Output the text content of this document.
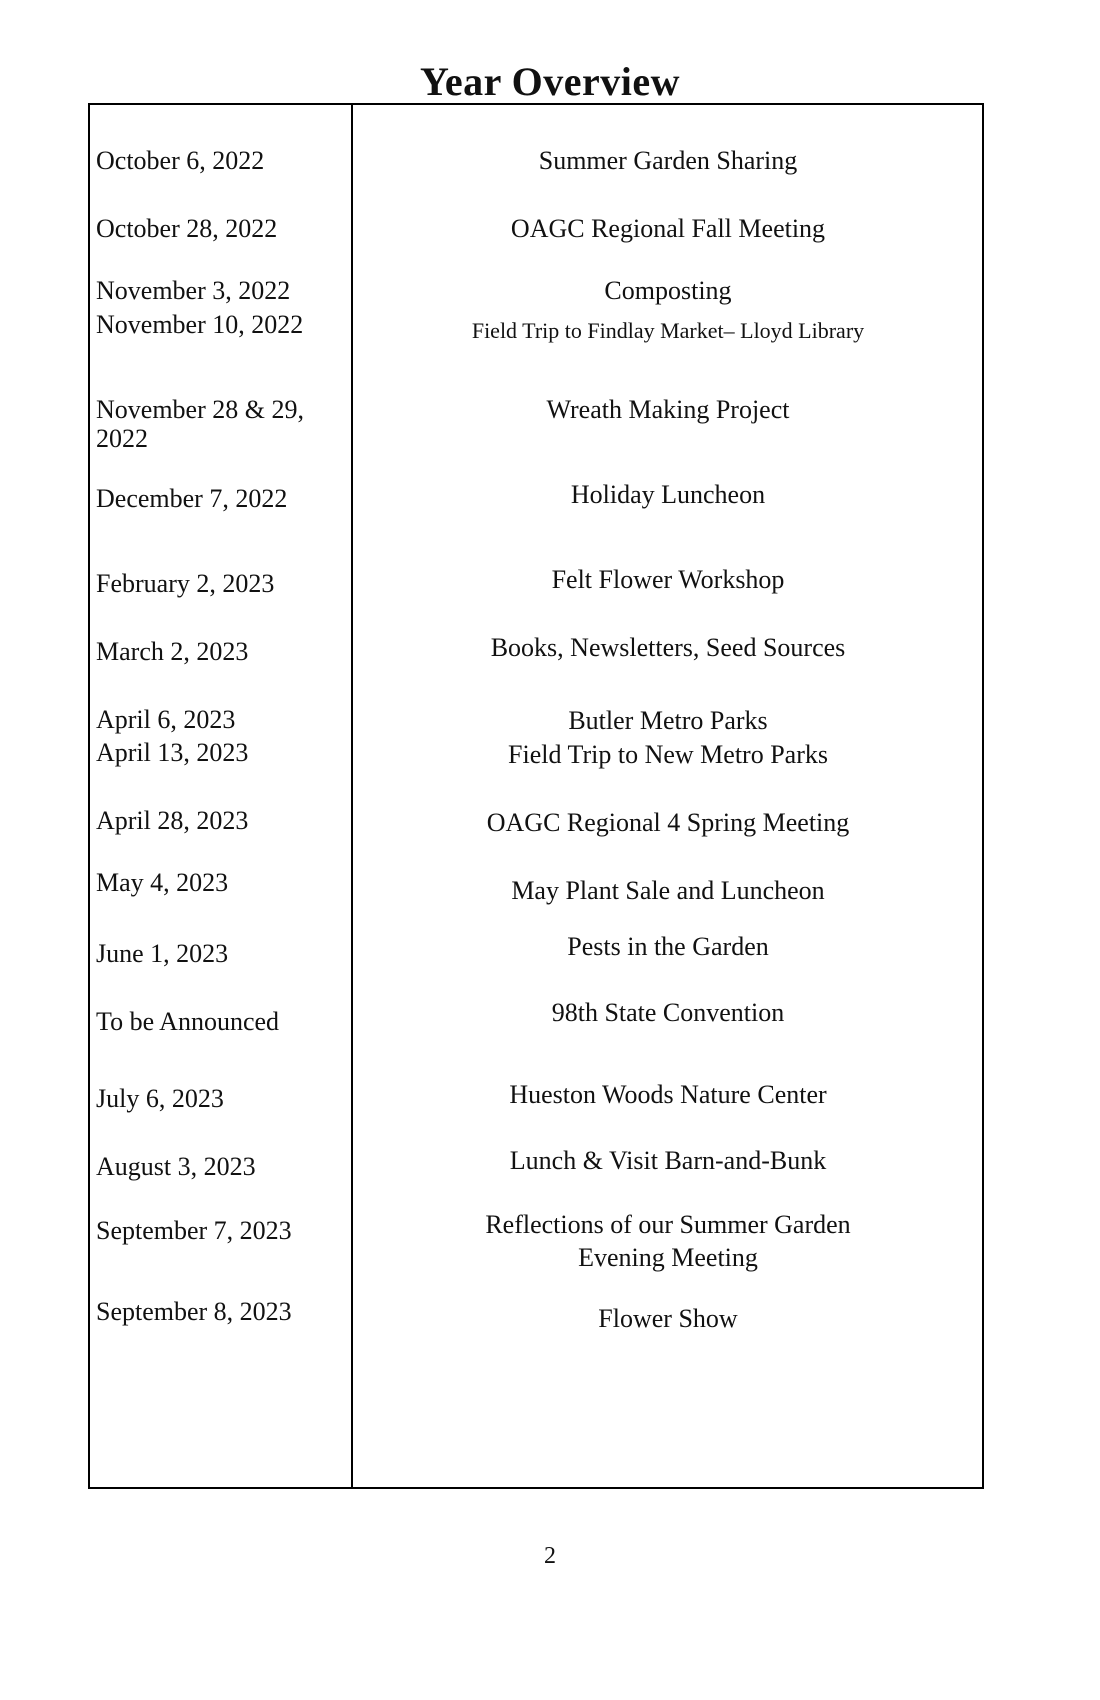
Year Overview
October 6, 2022
October 28, 2022
November 3, 2022
November 10, 2022
November 28 & 29,
2022
December 7, 2022
February 2, 2023
March 2, 2023
April 6, 2023
April 13, 2023
April 28, 2023
May 4, 2023
June 1, 2023
To be Announced
July 6, 2023
August 3, 2023
September 7, 2023
September 8, 2023
Summer Garden Sharing
OAGC Regional Fall Meeting
Composting
Field Trip to Findlay Market– Lloyd Library
Wreath Making Project
Holiday Luncheon
Felt Flower Workshop
Books, Newsletters, Seed Sources
Butler Metro Parks
Field Trip to New Metro Parks
OAGC Regional 4 Spring Meeting
May Plant Sale and Luncheon
Pests in the Garden
98th State Convention
Hueston Woods Nature Center
Lunch & Visit Barn-and-Bunk
Reflections of our Summer Garden
Evening Meeting
Flower Show
2
